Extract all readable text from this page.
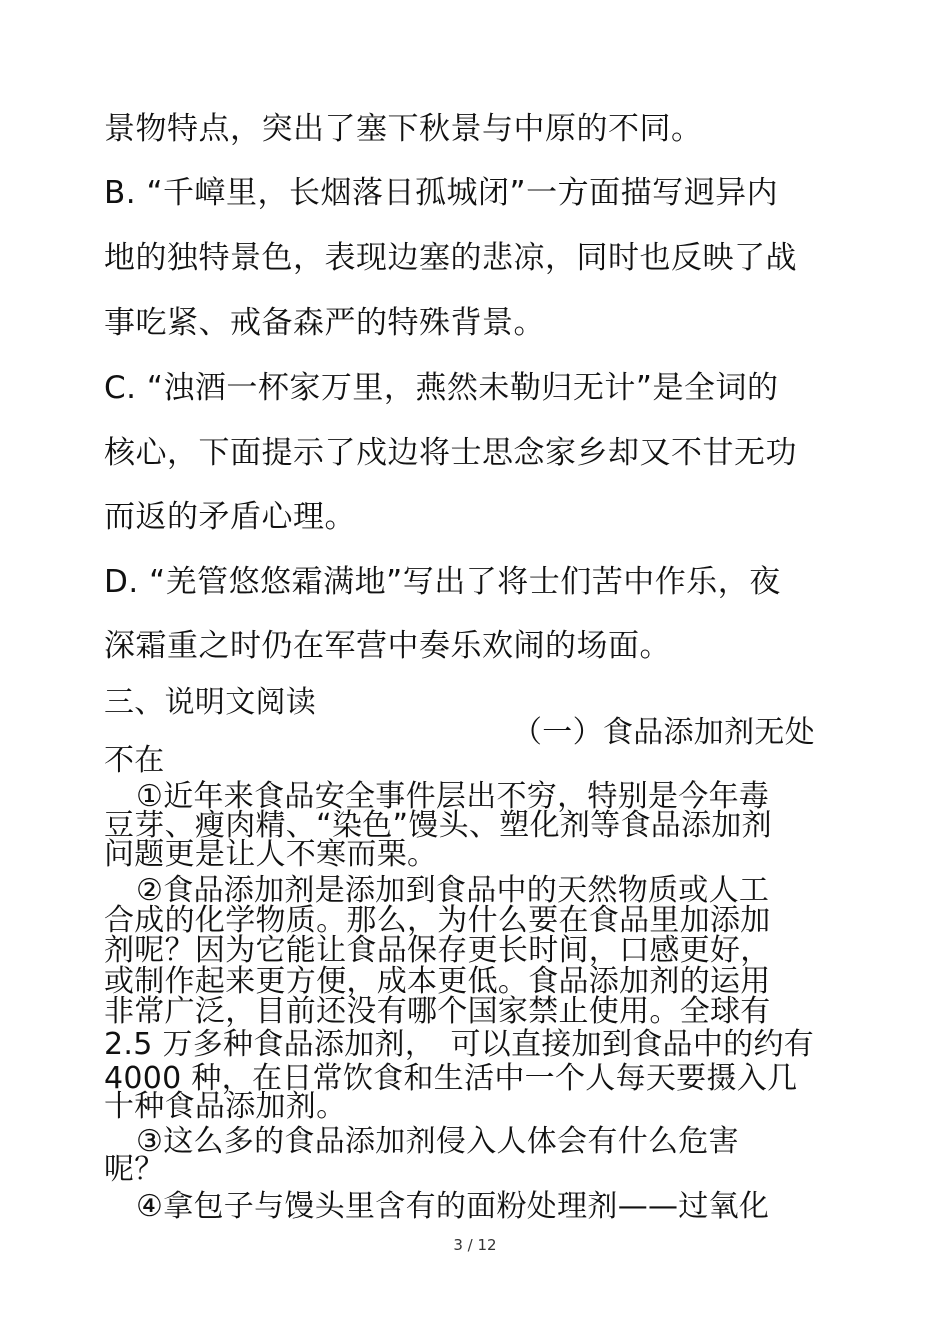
景物特点，突出了塞下秋景与中原的不同。
B. “千嶂里，长烟落日孤城闭”一方面描写迥异内
地的独特景色，表现边塞的悲凉，同时也反映了战
事吃紧、戒备森严的特殊背景。
C. “浊酒一杯家万里，燕然未勒归无计”是全词的
核心，下面提示了戍边将士思念家乡却又不甘无功
而返的矛盾心理。
D. “羌管悠悠霜满地”写出了将士们苦中作乐，夜
深霜重之时仍在军营中奏乐欢闹的场面。
三、说明文阅读
（一）食品添加剂无处
不在
①近年来食品安全事件层出不穷，特别是今年毒
豆芽、瘦肉精、“染色”馒头、塑化剂等食品添加剂
问题更是让人不寒而栗。
②食品添加剂是添加到食品中的天然物质或人工
合成的化学物质。那么，为什么要在食品里加添加
剂呢？因为它能让食品保存更长时间，口感更好，
或制作起来更方便，成本更低。食品添加剂的运用
非常广泛，目前还没有哪个国家禁止使用。全球有
2.5 万多种食品添加剂，　可以直接加到食品中的约有
4000 种，在日常饮食和生活中一个人每天要摄入几
十种食品添加剂。
③这么多的食品添加剂侵入人体会有什么危害
呢？
④拿包子与馒头里含有的面粉处理剂——过氧化
3 / 12
